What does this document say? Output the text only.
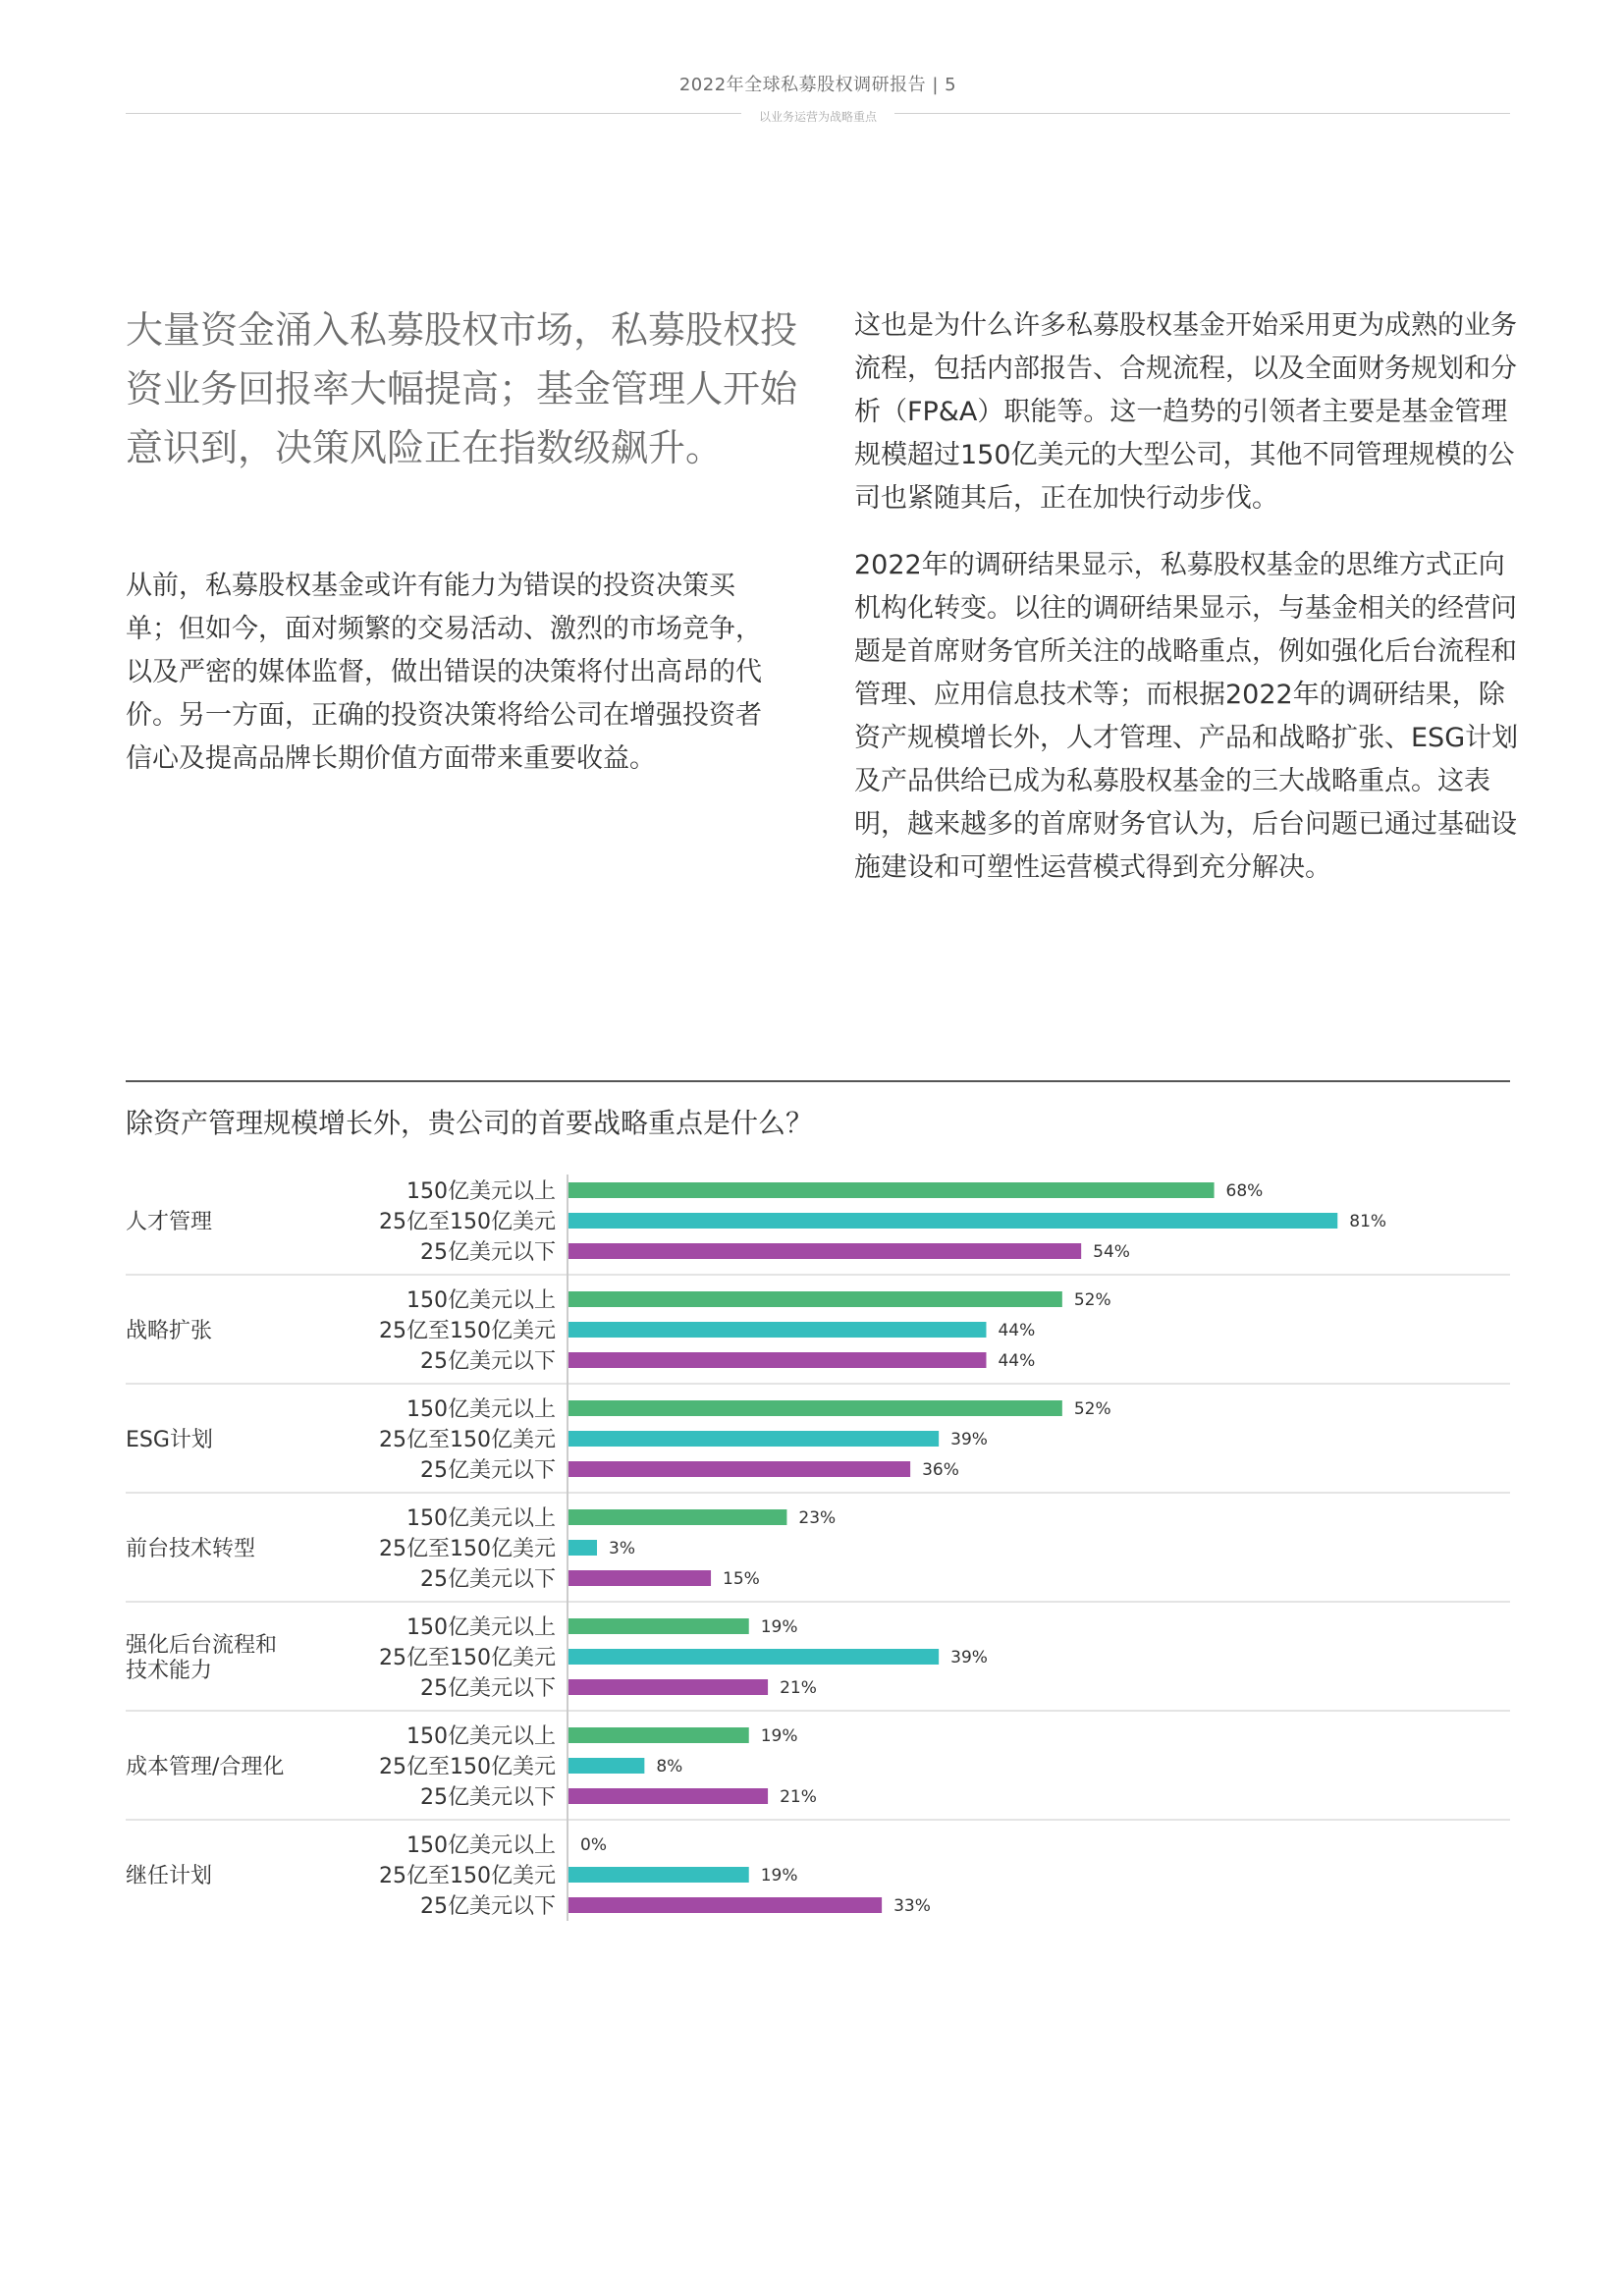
2022年全球私募股权调研报告 | 5
以业务运营为战略重点
大量资金涌入私募股权市场，私募股权投资业务回报率大幅提高；基金管理人开始意识到，决策风险正在指数级飙升。

从前，私募股权基金或许有能力为错误的投资决策买单；但如今，面对频繁的交易活动、激烈的市场竞争，以及严密的媒体监督，做出错误的决策将付出高昂的代价。另一方面，正确的投资决策将给公司在增强投资者信心及提高品牌长期价值方面带来重要收益。

这也是为什么许多私募股权基金开始采用更为成熟的业务流程，包括内部报告、合规流程，以及全面财务规划和分析（FP&A）职能等。这一趋势的引领者主要是基金管理规模超过150亿美元的大型公司，其他不同管理规模的公司也紧随其后，正在加快行动步伐。

2022年的调研结果显示，私募股权基金的思维方式正向机构化转变。以往的调研结果显示，与基金相关的经营问题是首席财务官所关注的战略重点，例如强化后台流程和管理、应用信息技术等；而根据2022年的调研结果，除资产规模增长外，人才管理、产品和战略扩张、ESG计划及产品供给已成为私募股权基金的三大战略重点。这表明，越来越多的首席财务官认为，后台问题已通过基础设施建设和可塑性运营模式得到充分解决。

除资产管理规模增长外，贵公司的首要战略重点是什么？
人才管理
150亿美元以上	68%
25亿至150亿美元	81%
25亿美元以下	54%
战略扩张
150亿美元以上	52%
25亿至150亿美元	44%
25亿美元以下	44%
ESG计划
150亿美元以上	52%
25亿至150亿美元	39%
25亿美元以下	36%
前台技术转型
150亿美元以上	23%
25亿至150亿美元	3%
25亿美元以下	15%
强化后台流程和
技术能力
150亿美元以上	19%
25亿至150亿美元	39%
25亿美元以下	21%
成本管理/合理化
150亿美元以上	19%
25亿至150亿美元	8%
25亿美元以下	21%
继任计划
150亿美元以上 0%
25亿至150亿美元	19%
25亿美元以下	33%
